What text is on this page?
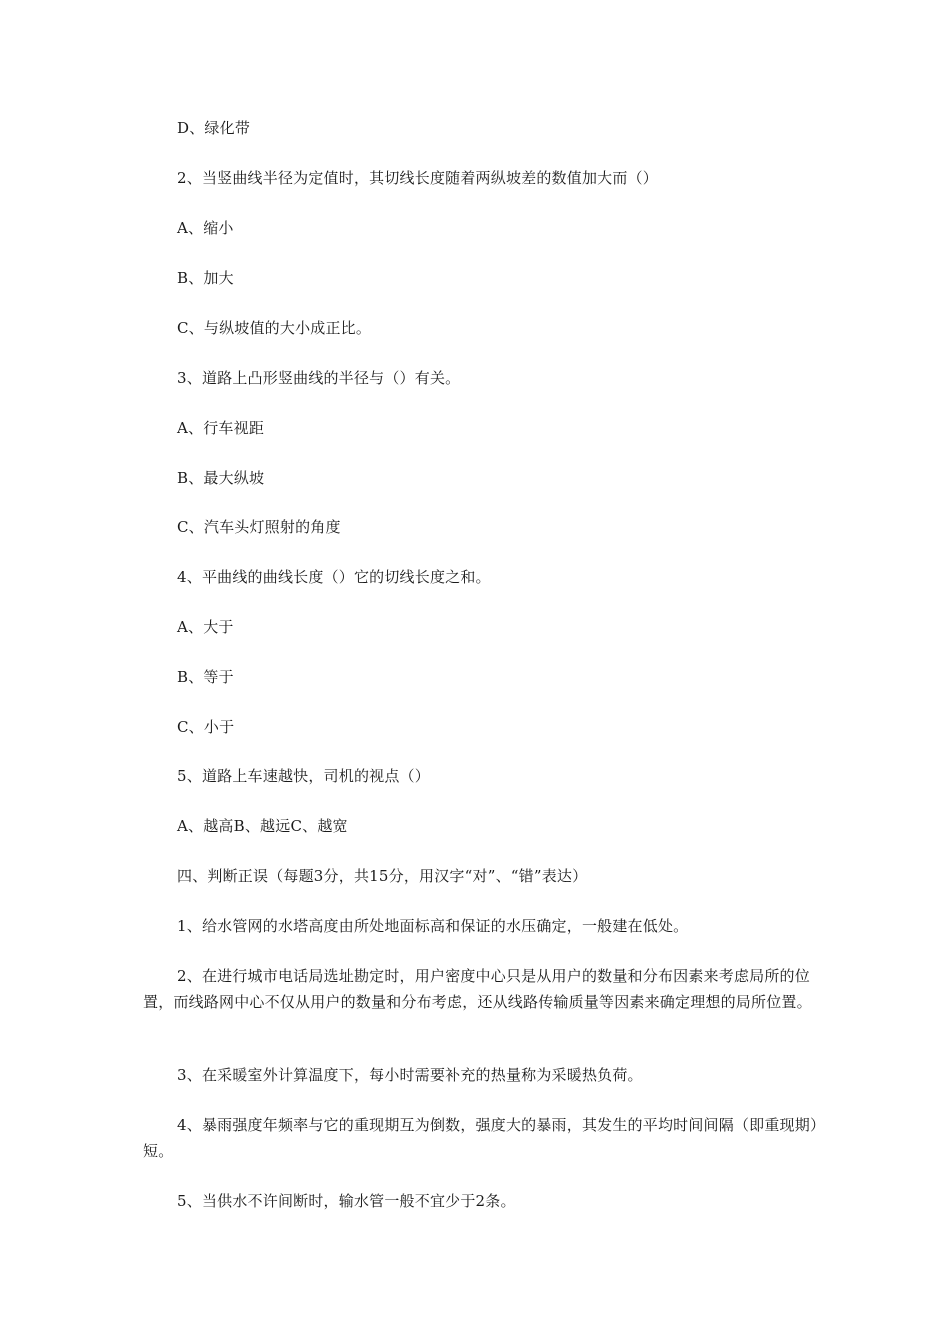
D、绿化带

2、当竖曲线半径为定值时，其切线长度随着两纵坡差的数值加大而（）

A、缩小

B、加大

C、与纵坡值的大小成正比。

3、道路上凸形竖曲线的半径与（）有关。

A、行车视距

B、最大纵坡

C、汽车头灯照射的角度

4、平曲线的曲线长度（）它的切线长度之和。

A、大于

B、等于

C、小于

5、道路上车速越快，司机的视点（）

A、越高B、越远C、越宽

四、判断正误（每题3分，共15分，用汉字“对”、“错”表达）

1、给水管网的水塔高度由所处地面标高和保证的水压确定，一般建在低处。

2、在进行城市电话局选址勘定时，用户密度中心只是从用户的数量和分布因素来考虑局所的位置，而线路网中心不仅从用户的数量和分布考虑，还从线路传输质量等因素来确定理想的局所位置。

3、在采暖室外计算温度下，每小时需要补充的热量称为采暖热负荷。

4、暴雨强度年频率与它的重现期互为倒数，强度大的暴雨，其发生的平均时间间隔（即重现期）短。

5、当供水不许间断时，输水管一般不宜少于2条。
